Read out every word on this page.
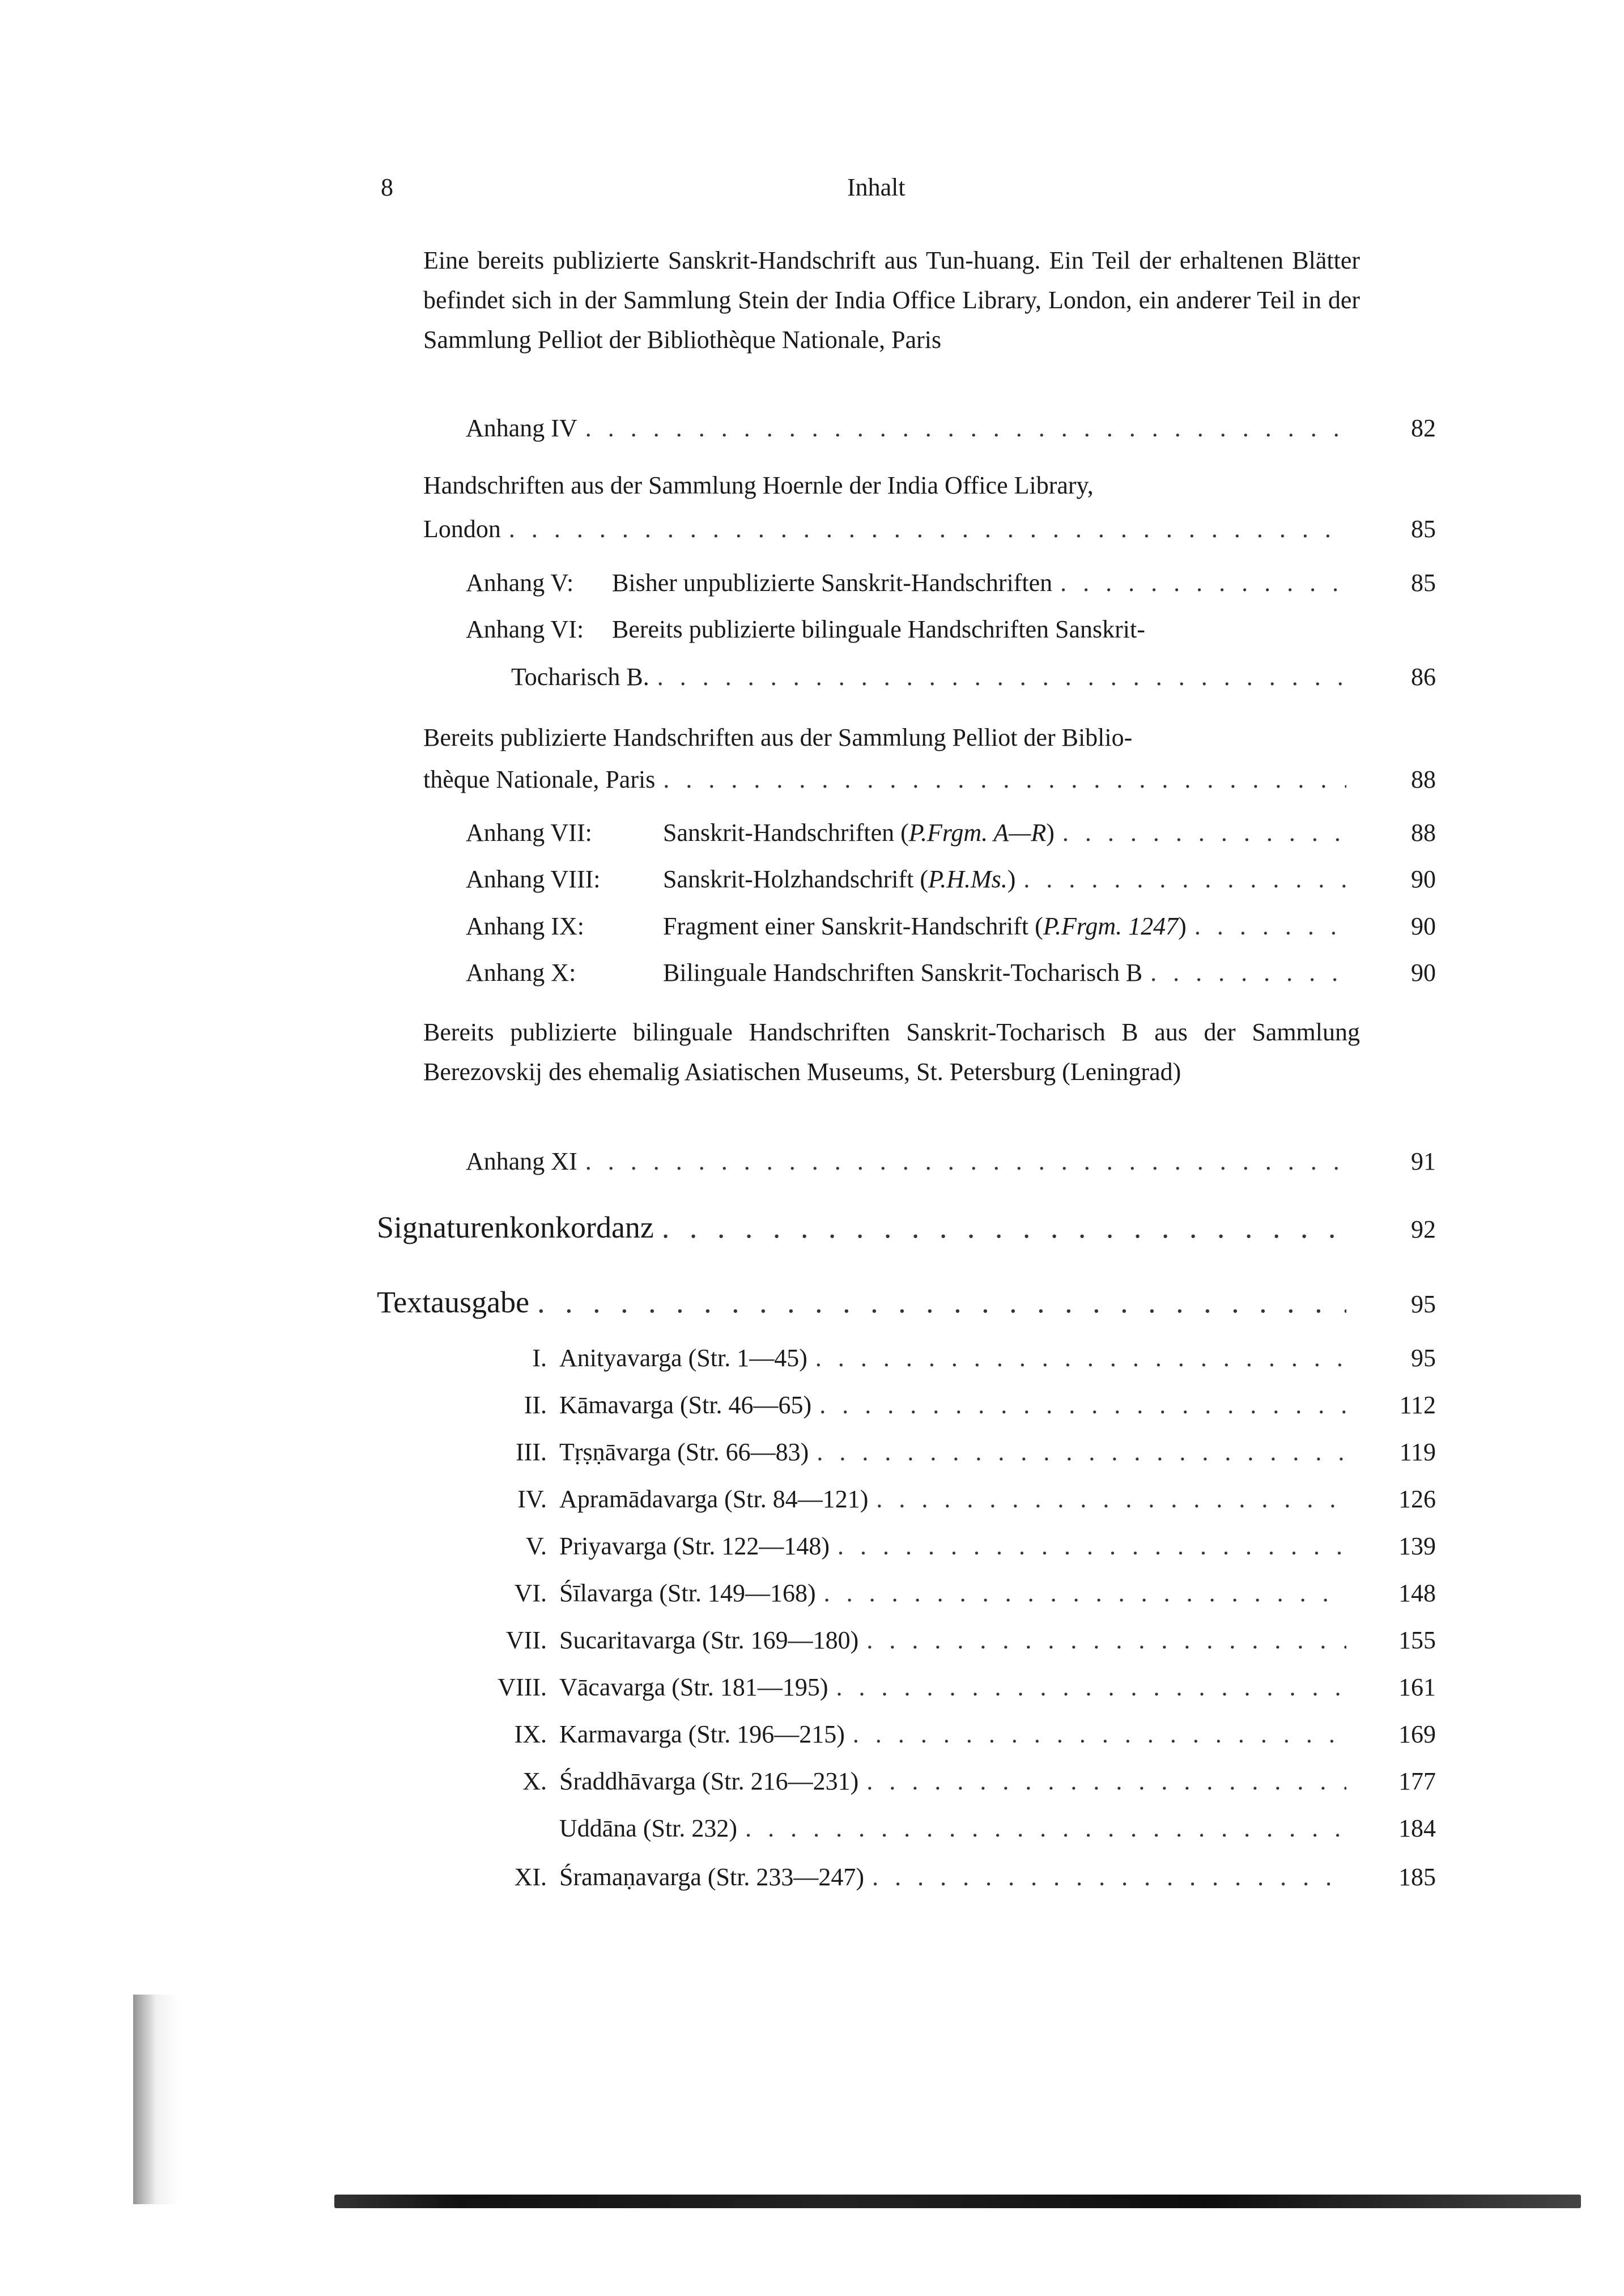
8	Inhalt
Eine bereits publizierte Sanskrit-Handschrift aus Tun-huang. Ein Teil der erhaltenen Blätter befindet sich in der Sammlung Stein der India Office Library, London, ein anderer Teil in der Sammlung Pelliot der Bibliothèque Nationale, Paris
Anhang IV . . .	82
Handschriften aus der Sammlung Hoernle der India Office Library,
London . . .	85
Anhang V: Bisher unpublizierte Sanskrit-Handschriften . . .	85
Anhang VI: Bereits publizierte bilinguale Handschriften Sanskrit-
Tocharisch B. . . .	86
Bereits publizierte Handschriften aus der Sammlung Pelliot der Biblio-
thèque Nationale, Paris . . .	88
Anhang VII:	Sanskrit-Handschriften (P.Frgm. A—R) . . .	88
Anhang VIII:	Sanskrit-Holzhandschrift (P.H.Ms.) . . .	90
Anhang IX:	Fragment einer Sanskrit-Handschrift (P.Frgm. 1247) . . .	90
Anhang X:	Bilinguale Handschriften Sanskrit-Tocharisch B . . .	90
Bereits publizierte bilinguale Handschriften Sanskrit-Tocharisch B aus der Sammlung Berezovskij des ehemalig Asiatischen Museums, St. Petersburg (Leningrad)
Anhang XI . . .	91
Signaturenkonkordanz . . .	92
Textausgabe . . .	95
I. Anityavarga (Str. 1—45) . . .	95
II. Kāmavarga (Str. 46—65) . . .	112
III. Tṛṣṇāvarga (Str. 66—83) . . .	119
IV. Apramādavarga (Str. 84—121) . . .	126
V. Priyavarga (Str. 122—148) . . .	139
VI. Śīlavarga (Str. 149—168) . . .	148
VII. Sucaritavarga (Str. 169—180) . . .	155
VIII. Vācavarga (Str. 181—195) . . .	161
IX. Karmavarga (Str. 196—215) . . .	169
X. Śraddhāvarga (Str. 216—231) . . .	177
Uddāna (Str. 232) . . .	184
XI. Śramaṇavarga (Str. 233—247) . . .	185
